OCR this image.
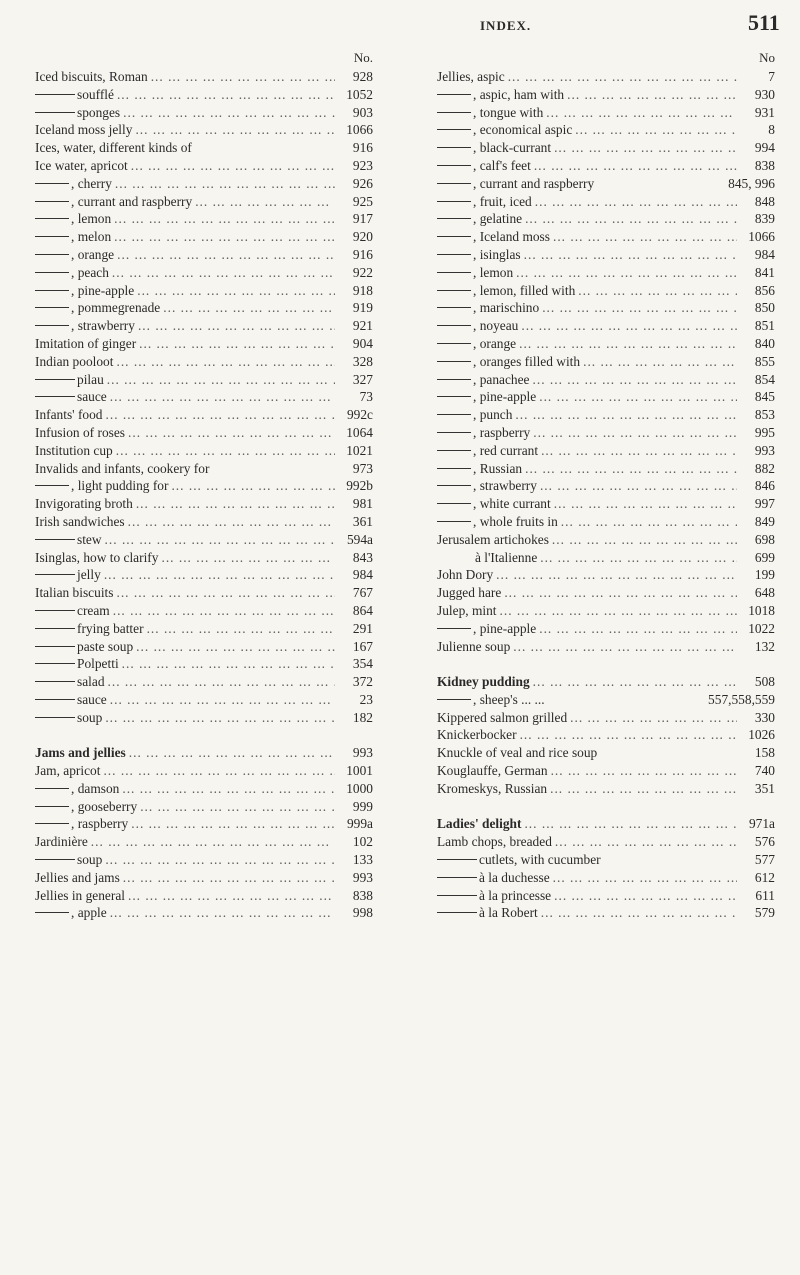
INDEX.	511
No.
Iced biscuits, Roman ... .	928
soufflé ... .	1052
sponges ... .	903
Iceland moss jelly ... .	1066
Ices, water, different kinds of	916
Ice water, apricot ... .	923
, cherry ... .	926
, currant and raspberry ... .	925
, lemon ... .	917
, melon ... .	920
, orange ... .	916
, peach ... .	922
, pine-apple ... .	918
, pommegrenade ... .	919
, strawberry ... .	921
Imitation of ginger ... .	904
Indian pooloot ... .	328
pilau ... .	327
sauce ... .	73
Infants' food ... .	992c
Infusion of roses ... .	1064
Institution cup ... .	1021
Invalids and infants, cookery for	973
, light pudding for ... .	992b
Invigorating broth ... .	981
Irish sandwiches ... .	361
stew ... .	594a
Isinglas, how to clarify ... .	843
jelly ... .	984
Italian biscuits ... .	767
cream ... .	864
frying batter ... .	291
paste soup ... .	167
Polpetti ... .	354
salad ... .	372
sauce ... .	23
soup ... .	182
Jams and jellies ... .	993
Jam, apricot ... .	1001
, damson ... .	1000
, gooseberry ... .	999
, raspberry ... .	999a
Jardinière ... .	102
soup ... .	133
Jellies and jams ... .	993
Jellies in general ... .	838
, apple ... .	998
No
Jellies, aspic ... .	7
, aspic, ham with ... .	930
, tongue with ... .	931
, economical aspic ... .	8
, black-currant ... .	994
, calf's feet ... .	838
, currant and raspberry	845, 996
, fruit, iced ... .	848
, gelatine ... .	839
, Iceland moss ... .	1066
, isinglas ... .	984
, lemon ... .	841
, lemon, filled with ... .	856
, marischino ... .	850
, noyeau ... .	851
, orange ... .	840
, oranges filled with ... .	855
, panachee ... .	854
, pine-apple ... .	845
, punch ... .	853
, raspberry ... .	995
, red currant ... .	993
, Russian ... .	882
, strawberry ... .	846
, white currant ... .	997
, whole fruits in ... .	849
Jerusalem artichokes ... .	698
à l'Italienne ... .	699
John Dory ... .	199
Jugged hare ... .	648
Julep, mint ... .	1018
, pine-apple ... .	1022
Julienne soup ... .	132
Kidney pudding ... .	508
, sheep's ... ...	557,558,559
Kippered salmon grilled ... .	330
Knickerbocker ... .	1026
Knuckle of veal and rice soup	158
Kouglauffe, German ... .	740
Kromeskys, Russian ... .	351
Ladies' delight ... .	971a
Lamb chops, breaded ... .	576
cutlets, with cucumber	577
à la duchesse ... .	612
à la princesse ... .	611
à la Robert ... .	579
